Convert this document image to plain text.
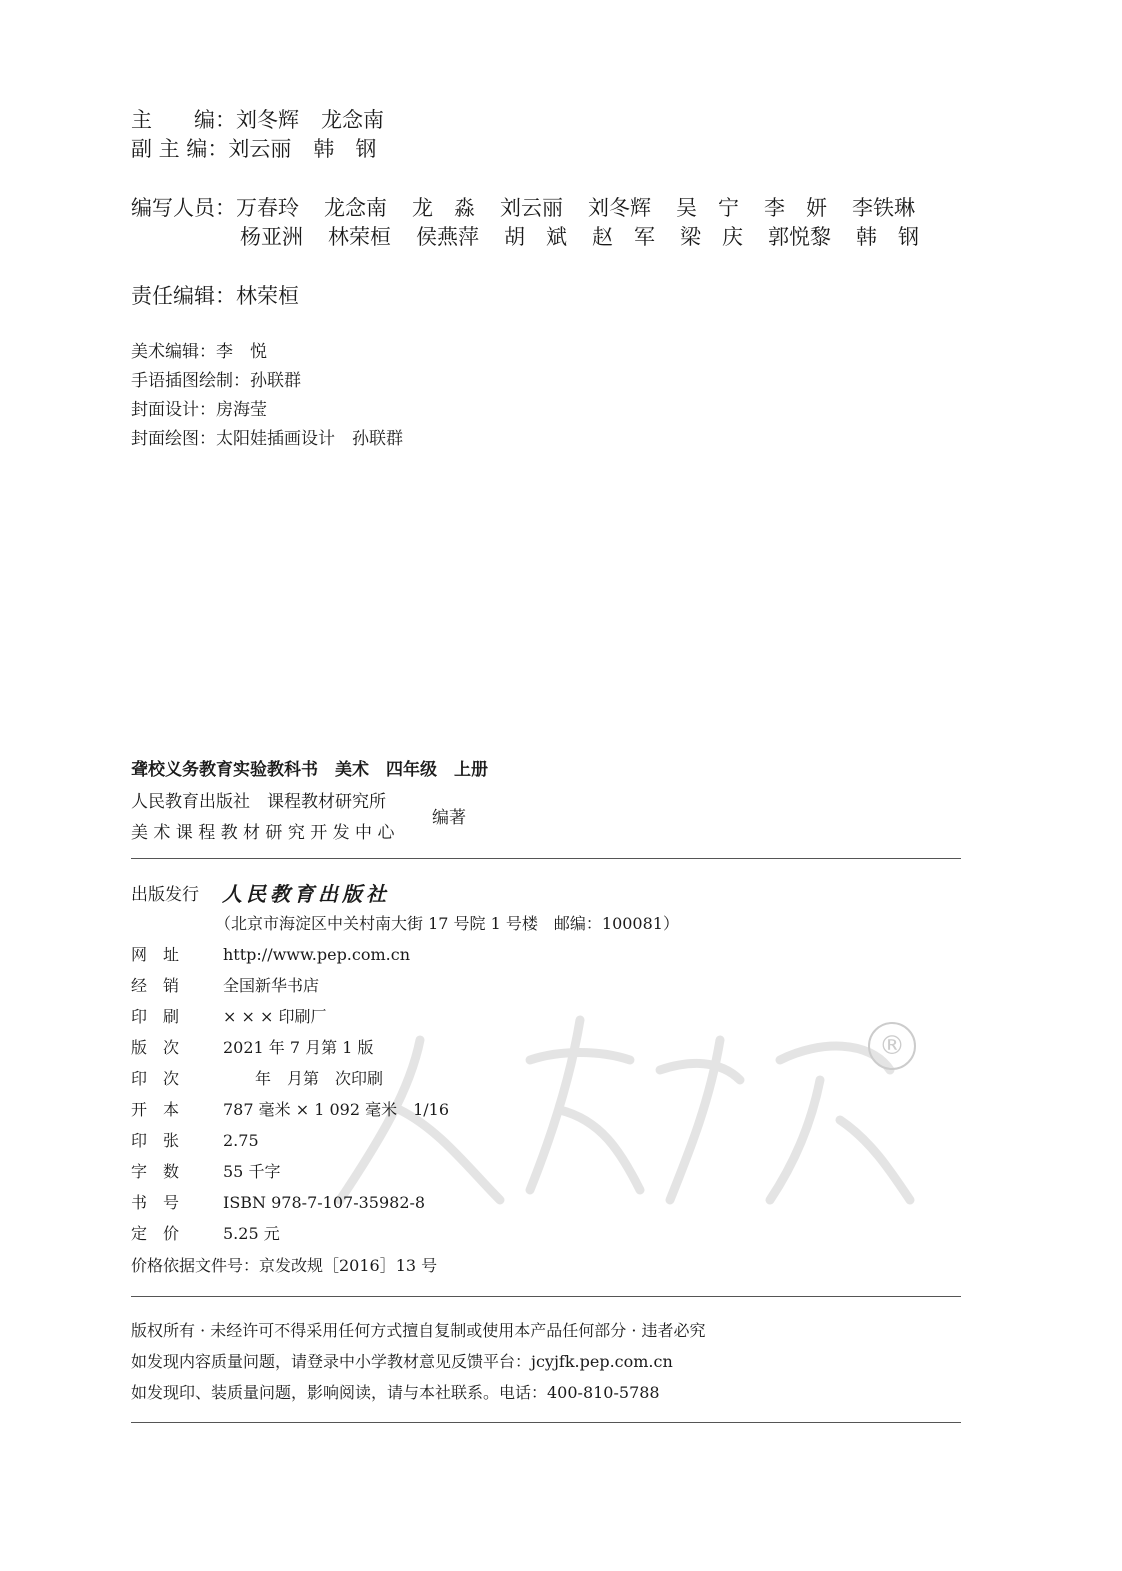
主　　编： 刘冬辉 龙念南
副 主 编： 刘云丽 韩　钢
编写人员： 万春玲	龙念南	龙　淼	刘云丽	刘冬辉	吴　宁	李　妍	李铁琳
杨亚洲	林荣桓	侯燕萍	胡　斌	赵　军	梁　庆	郭悦黎	韩　钢
责任编辑： 林荣桓
美术编辑：李　悦
手语插图绘制：孙联群
封面设计：房海莹
封面绘图：太阳娃插画设计　孙联群
聋校义务教育实验教科书　美术　四年级　上册
人民教育出版社　课程教材研究所
美 术 课 程 教 材 研 究 开 发 中 心
编著
出版发行 人民教育出版社
（北京市海淀区中关村南大街 17 号院 1 号楼　邮编：100081）
网　址	http://www.pep.com.cn
经　销	全国新华书店
印　刷	× × × 印刷厂
版　次	2021 年 7 月第 1 版
印　次	　　年　月第　次印刷
开　本	787 毫米 × 1 092 毫米　1/16
印　张	2.75
字　数	55 千字
书　号	ISBN 978-7-107-35982-8
定　价	5.25 元
价格依据文件号：京发改规［2016］13 号
版权所有 · 未经许可不得采用任何方式擅自复制或使用本产品任何部分 · 违者必究
如发现内容质量问题，请登录中小学教材意见反馈平台：jcyjfk.pep.com.cn
如发现印、装质量问题，影响阅读，请与本社联系。电话：400-810-5788
®
